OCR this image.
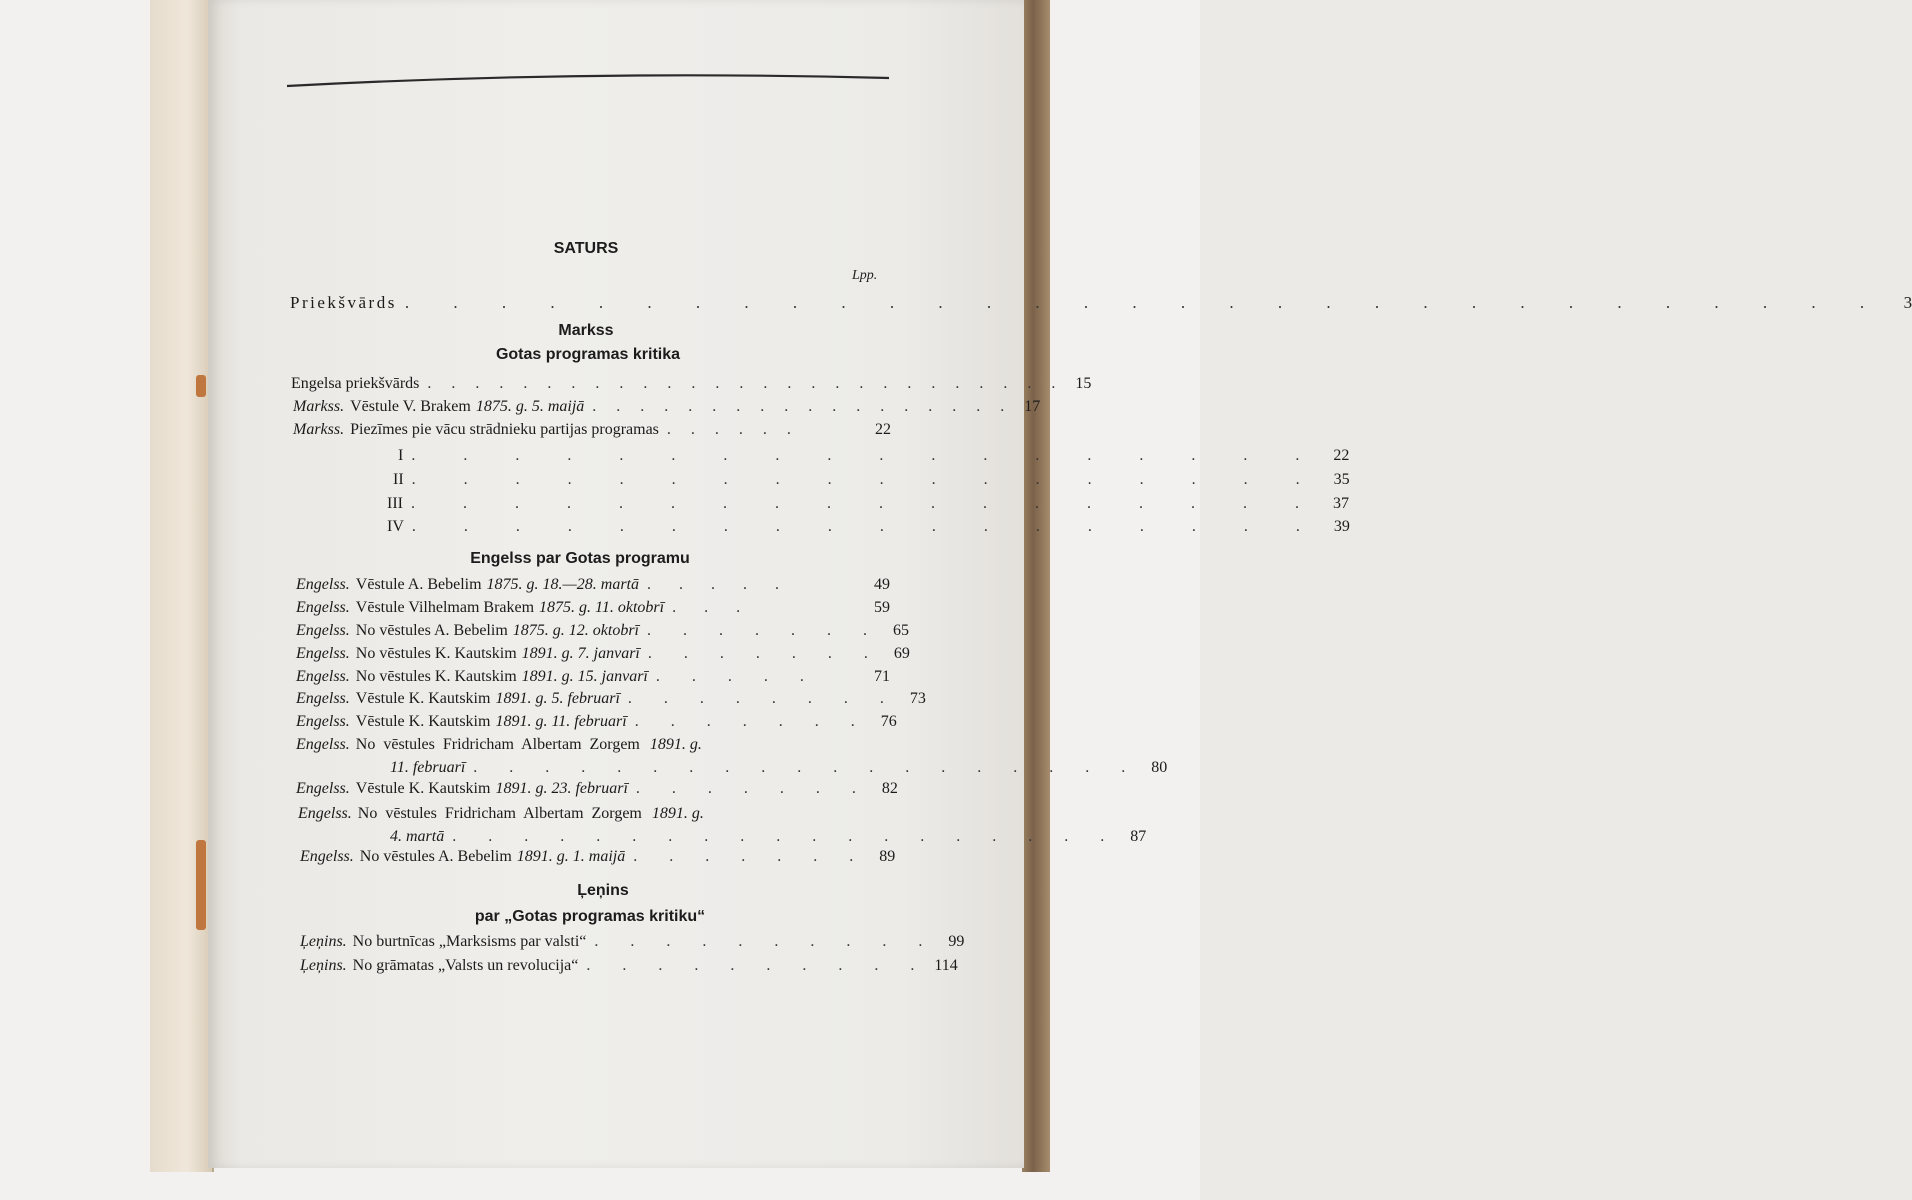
SATURS
Lpp.
Priekšvārds . . . . . . . . . . . . . . . . . . . . . . . . . . . . . . .	3
Markss
Gotas programas kritika
Engelsa priekšvārds . . . . . . . . . . . . . . . . . . . . . . . . . . . 15
Markss. Vēstule V. Brakem 1875. g. 5. maijā . . . . . . . . . . . . . . . . . . 17
Markss. Piezīmes pie vācu strādnieku partijas programas . . . . . .	22
I . . . . . . . . . . . . . . . . . . 22
II . . . . . . . . . . . . . . . . . . 35
III . . . . . . . . . . . . . . . . . . 37
IV . . . . . . . . . . . . . . . . . . 39
Engelss par Gotas programu
Engelss. Vēstule A. Bebelim 1875. g. 18.—28. martā . . . . .	49
Engelss. Vēstule Vilhelmam Brakem 1875. g. 11. oktobrī . . .	59
Engelss. No vēstules A. Bebelim 1875. g. 12. oktobrī . . . . . . . 65
Engelss. No vēstules K. Kautskim 1891. g. 7. janvarī . . . . . . . 69
Engelss. No vēstules K. Kautskim 1891. g. 15. janvarī . . . . .	71
Engelss. Vēstule K. Kautskim 1891. g. 5. februarī . . . . . . . . 73
Engelss. Vēstule K. Kautskim 1891. g. 11. februarī . . . . . . . 76
Engelss. No vēstules Fridricham Albertam Zorgem 1891. g.
11. februarī . . . . . . . . . . . . . . . . . . . 80
Engelss. Vēstule K. Kautskim 1891. g. 23. februarī . . . . . . . 82
Engelss. No vēstules Fridricham Albertam Zorgem 1891. g.
4. martā . . . . . . . . . . . . . . . . . . . 87
Engelss. No vēstules A. Bebelim 1891. g. 1. maijā . . . . . . . 89
Ļeņins
par „Gotas programas kritiku“
Ļeņins. No burtnīcas „Marksisms par valsti“ . . . . . . . . . . 99
Ļeņins. No grāmatas „Valsts un revolucija“ . . . . . . . . . . 114
